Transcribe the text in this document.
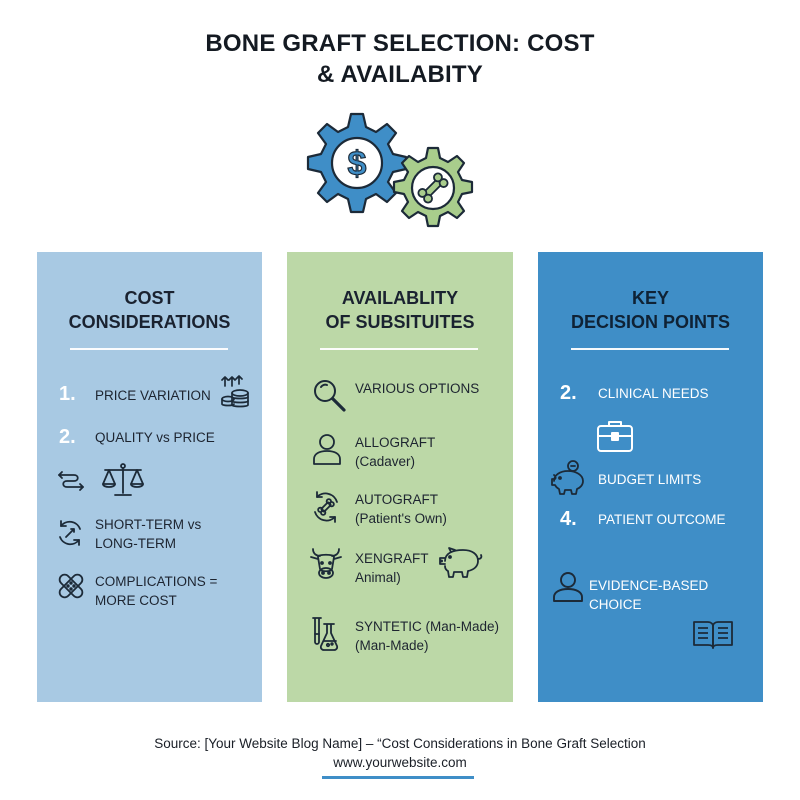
BONE GRAFT SELECTION: COST
& AVAILABITY
$
COST
CONSIDERATIONS
1. PRICE VARIATION
2. QUALITY vs PRICE
SHORT-TERM vs
LONG-TERM
COMPLICATIONS =
MORE COST
AVAILABLITY
OF SUBSITUITES
VARIOUS OPTIONS
ALLOGRAFT
(Cadaver)
AUTOGRAFT
(Patient's Own)
XENGRAFT
Animal)
SYNTETIC (Man-Made)
(Man-Made)
KEY
DECISION POINTS
2. CLINICAL NEEDS
BUDGET LIMITS
4. PATIENT OUTCOME
EVIDENCE-BASED CHOICE
Source: [Your Website Blog Name] – “Cost Considerations in Bone Graft Selection
www.yourwebsite.com
